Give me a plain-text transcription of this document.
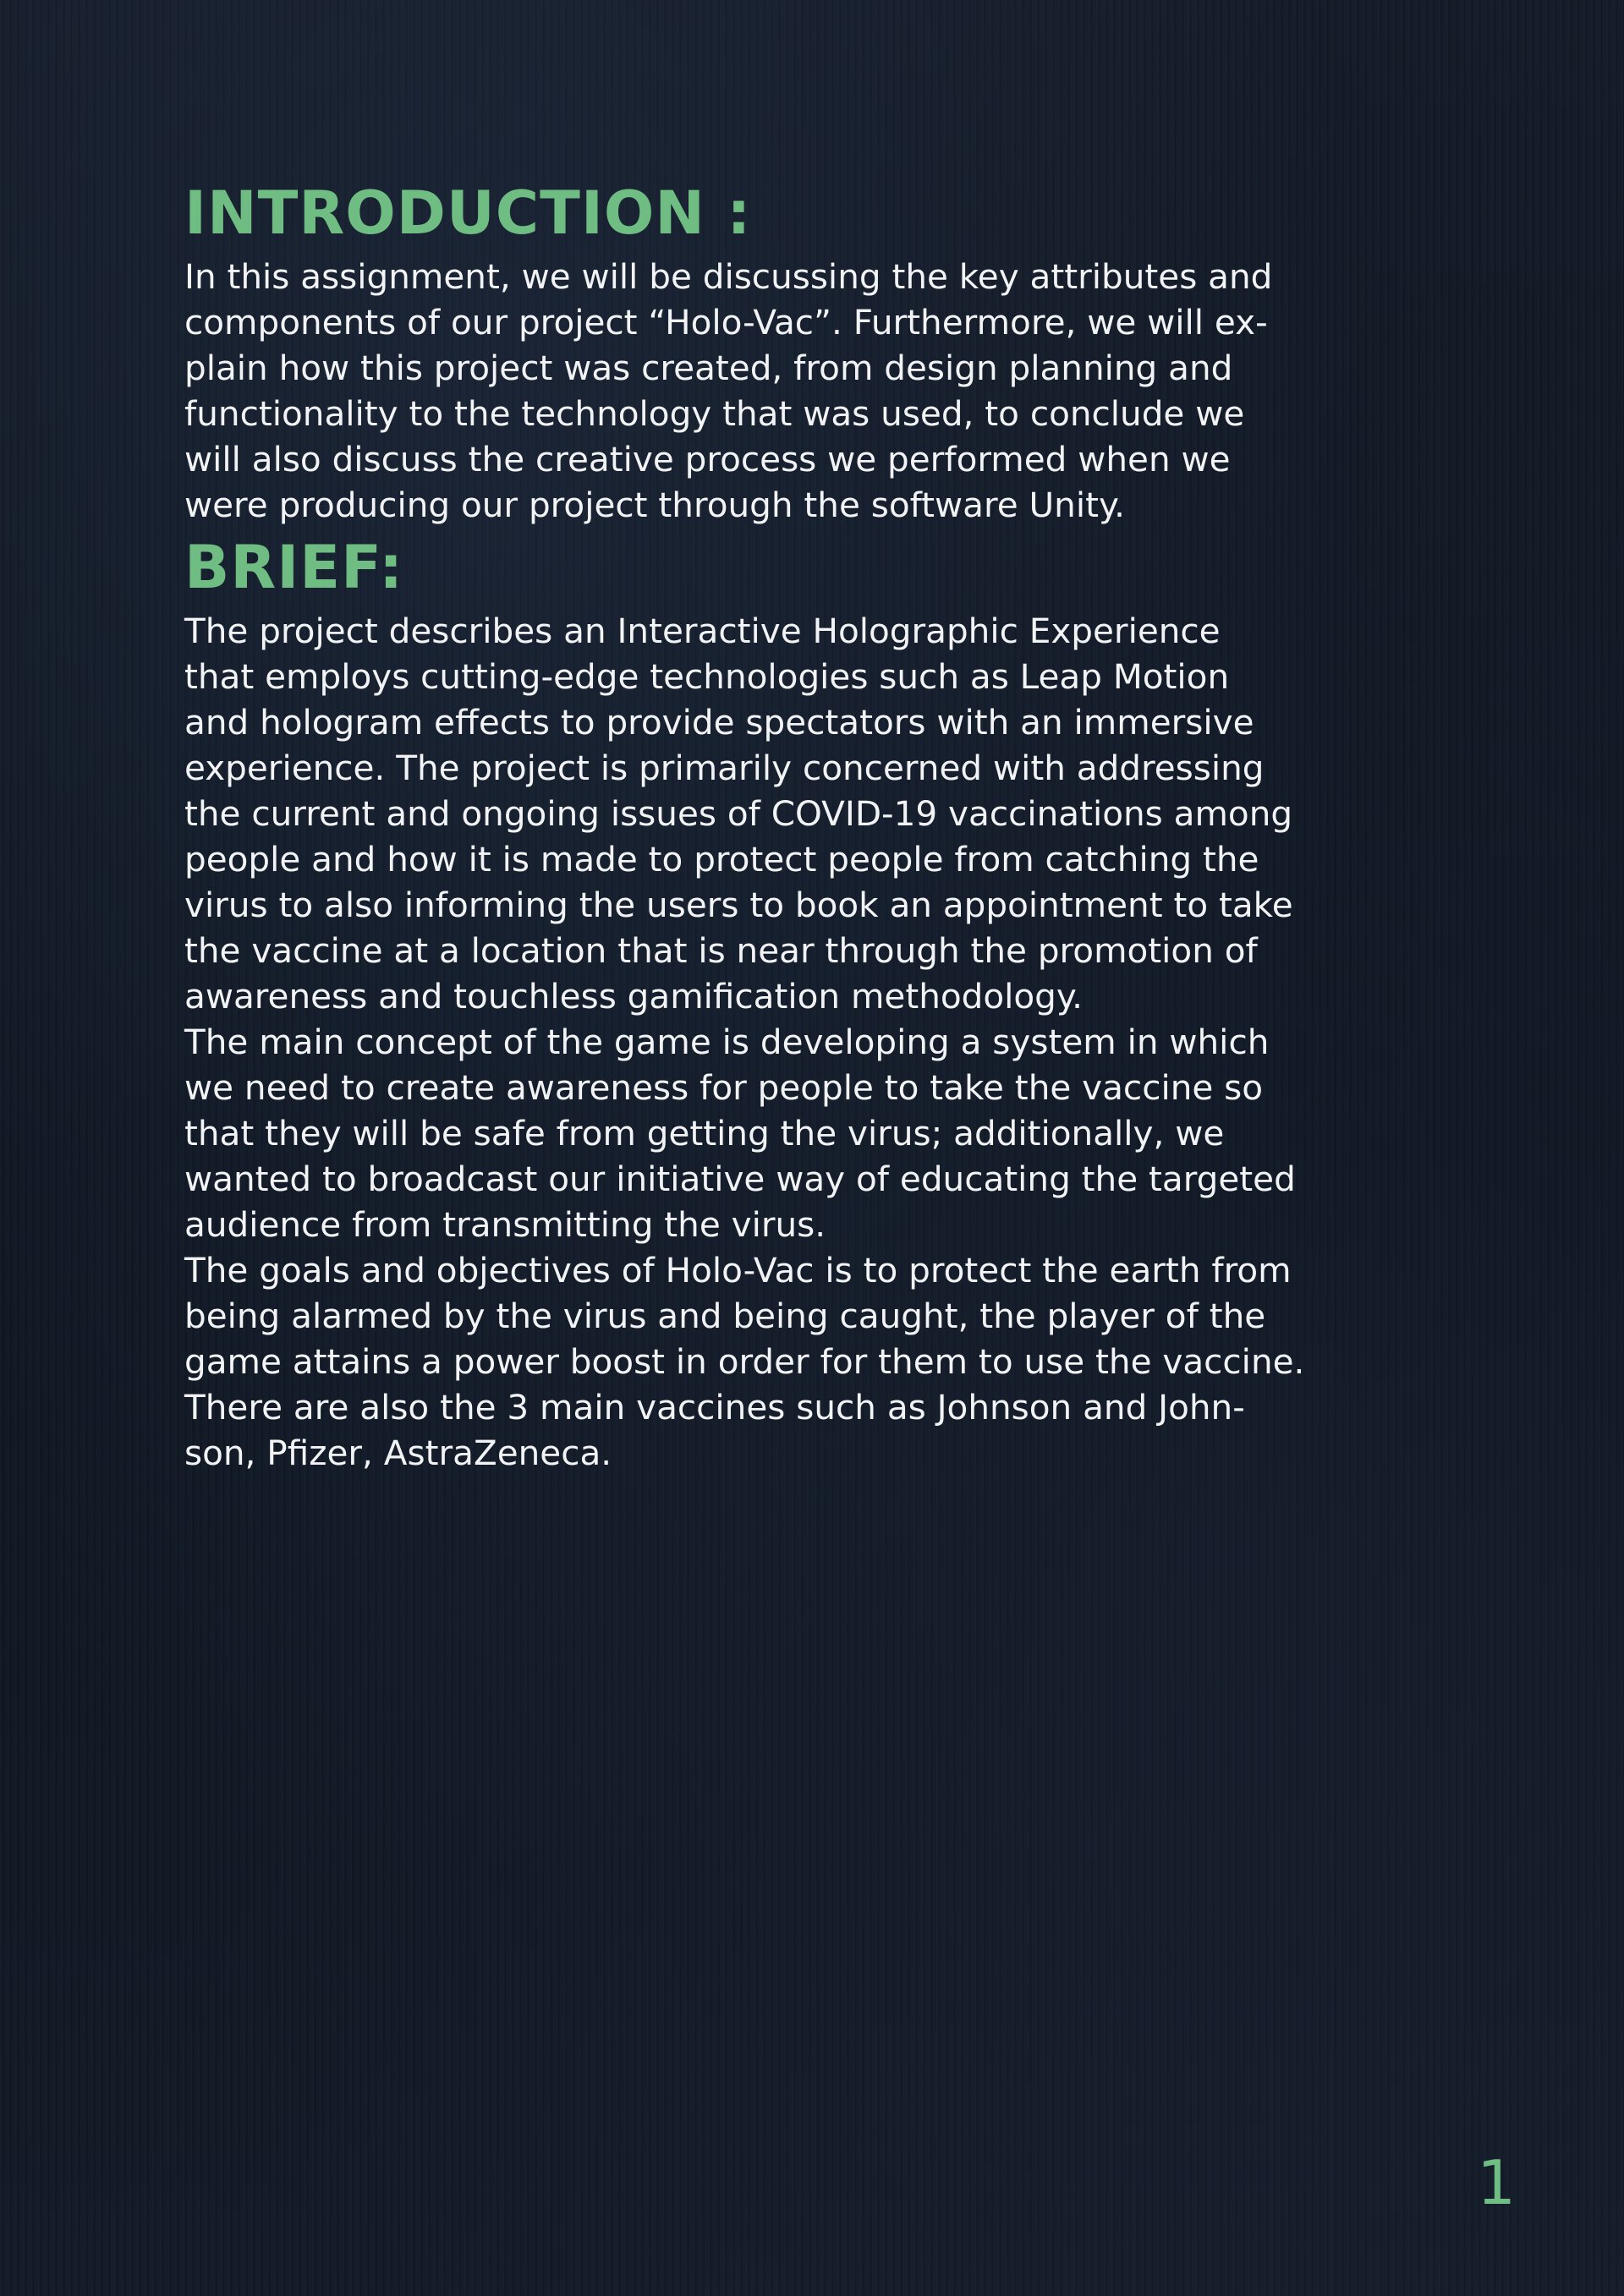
INTRODUCTION :

In this assignment, we will be discussing the key attributes and
components of our project “Holo-Vac”. Furthermore, we will ex-
plain how this project was created, from design planning and
functionality to the technology that was used, to conclude we
will also discuss the creative process we performed when we
were producing our project through the software Unity.

BRIEF:

The project describes an Interactive Holographic Experience
that employs cutting-edge technologies such as Leap Motion
and hologram effects to provide spectators with an immersive
experience. The project is primarily concerned with addressing
the current and ongoing issues of COVID-19 vaccinations among
people and how it is made to protect people from catching the
virus to also informing the users to book an appointment to take
the vaccine at a location that is near through the promotion of
awareness and touchless gamification methodology.

The main concept of the game is developing a system in which
we need to create awareness for people to take the vaccine so
that they will be safe from getting the virus; additionally, we
wanted to broadcast our initiative way of educating the targeted
audience from transmitting the virus.

The goals and objectives of Holo-Vac is to protect the earth from
being alarmed by the virus and being caught, the player of the
game attains a power boost in order for them to use the vaccine.
There are also the 3 main vaccines such as Johnson and John-
son, Pfizer, AstraZeneca.

1
